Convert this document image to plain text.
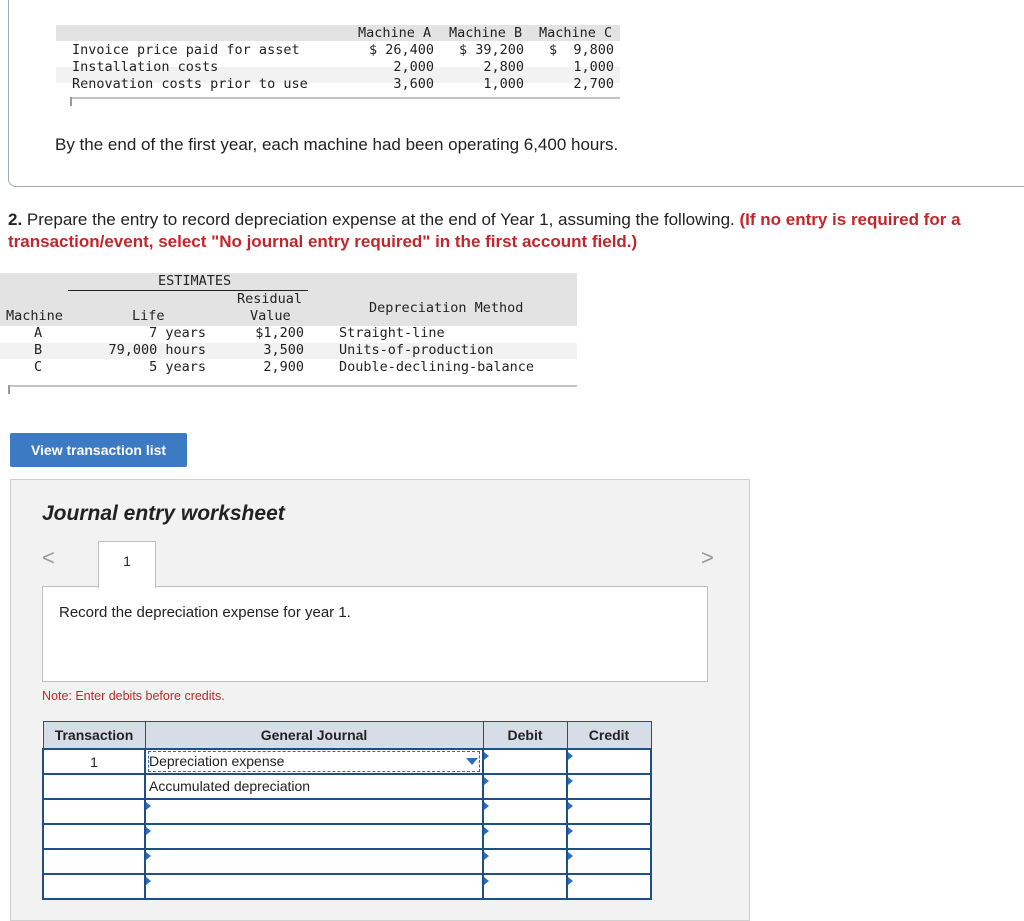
Machine A Machine B Machine C
Invoice price paid for asset	$ 26,400	$ 39,200	$  9,800
Installation costs	2,000	2,800	1,000
Renovation costs prior to use	3,600	1,000	2,700
By the end of the first year, each machine had been operating 6,400 hours.
2. Prepare the entry to record depreciation expense at the end of Year 1, assuming the following. (If no entry is required for a transaction/event, select "No journal entry required" in the first account field.)
ESTIMATES
Residual
Machine	Life	Value	Depreciation Method
A	7 years	$1,200	Straight-line
B	79,000 hours	3,500	Units-of-production
C	5 years	2,900	Double-declining-balance
View transaction list
Journal entry worksheet
<	>
Record the depreciation expense for year 1.
1
Note: Enter debits before credits.
Transaction	General Journal	Debit	Credit
1	Depreciation expense		

	Accumulated depreciation		
